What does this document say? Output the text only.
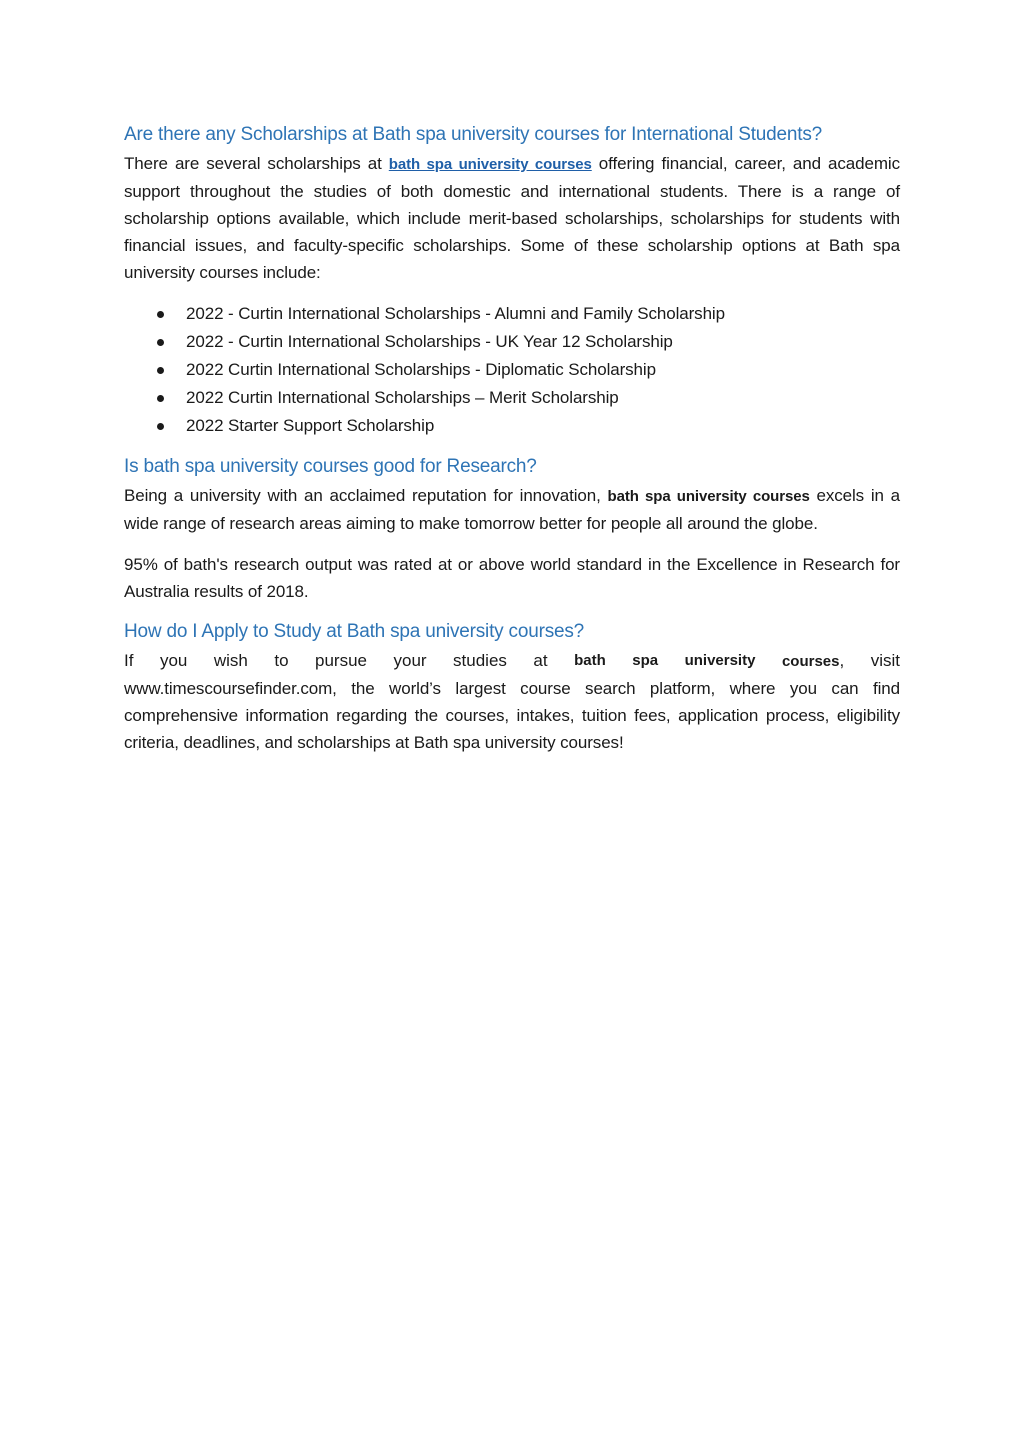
Are there any Scholarships at Bath spa university courses for International Students?

There are several scholarships at bath spa university courses offering financial, career, and academic support throughout the studies of both domestic and international students. There is a range of scholarship options available, which include merit-based scholarships, scholarships for students with financial issues, and faculty-specific scholarships. Some of these scholarship options at Bath spa university courses include:

2022 - Curtin International Scholarships - Alumni and Family Scholarship
2022 - Curtin International Scholarships - UK Year 12 Scholarship
2022 Curtin International Scholarships - Diplomatic Scholarship
2022 Curtin International Scholarships – Merit Scholarship
2022 Starter Support Scholarship
Is bath spa university courses good for Research?

Being a university with an acclaimed reputation for innovation, bath spa university courses excels in a wide range of research areas aiming to make tomorrow better for people all around the globe.

95% of bath's research output was rated at or above world standard in the Excellence in Research for Australia results of 2018.

How do I Apply to Study at Bath spa university courses?
If you wish to pursue your studies at bath spa university courses, visit

www.timescoursefinder.com, the world’s largest course search platform, where you can find comprehensive information regarding the courses, intakes, tuition fees, application process, eligibility criteria, deadlines, and scholarships at Bath spa university courses!
